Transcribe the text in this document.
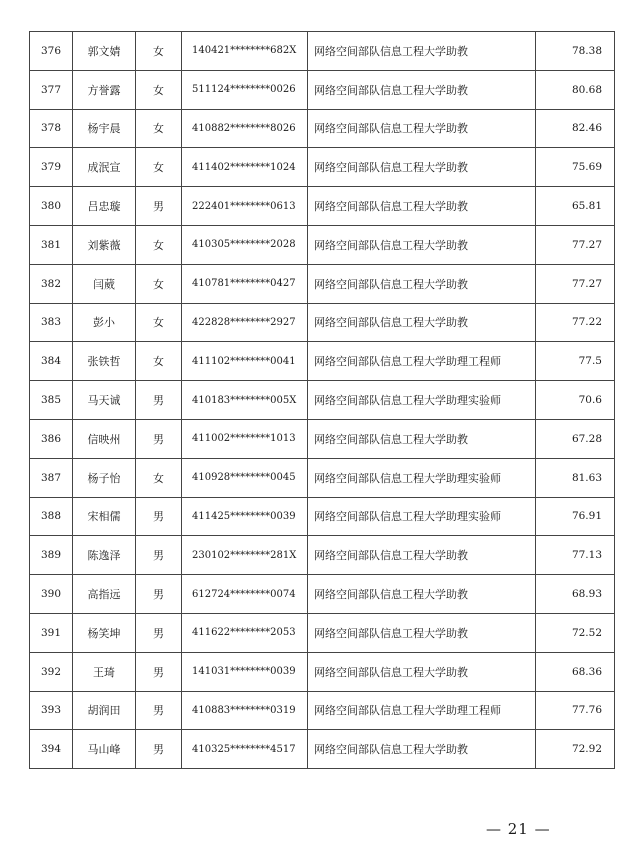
376	郭文婧	女	140421********682X	网络空间部队信息工程大学助教	78.38
377	方誉露	女	511124********0026	网络空间部队信息工程大学助教	80.68
378	杨宇晨	女	410882********8026	网络空间部队信息工程大学助教	82.46
379	成泯宣	女	411402********1024	网络空间部队信息工程大学助教	75.69
380	吕忠璇	男	222401********0613	网络空间部队信息工程大学助教	65.81
381	刘紫薇	女	410305********2028	网络空间部队信息工程大学助教	77.27
382	闫葳	女	410781********0427	网络空间部队信息工程大学助教	77.27
383	彭小	女	422828********2927	网络空间部队信息工程大学助教	77.22
384	张铁哲	女	411102********0041	网络空间部队信息工程大学助理工程师	77.5
385	马天诚	男	410183********005X	网络空间部队信息工程大学助理实验师	70.6
386	信映州	男	411002********1013	网络空间部队信息工程大学助教	67.28
387	杨子怡	女	410928********0045	网络空间部队信息工程大学助理实验师	81.63
388	宋相儒	男	411425********0039	网络空间部队信息工程大学助理实验师	76.91
389	陈逸泽	男	230102********281X	网络空间部队信息工程大学助教	77.13
390	高指远	男	612724********0074	网络空间部队信息工程大学助教	68.93
391	杨笑坤	男	411622********2053	网络空间部队信息工程大学助教	72.52
392	王琦	男	141031********0039	网络空间部队信息工程大学助教	68.36
393	胡润田	男	410883********0319	网络空间部队信息工程大学助理工程师	77.76
394	马山峰	男	410325********4517	网络空间部队信息工程大学助教	72.92
— 21 —
